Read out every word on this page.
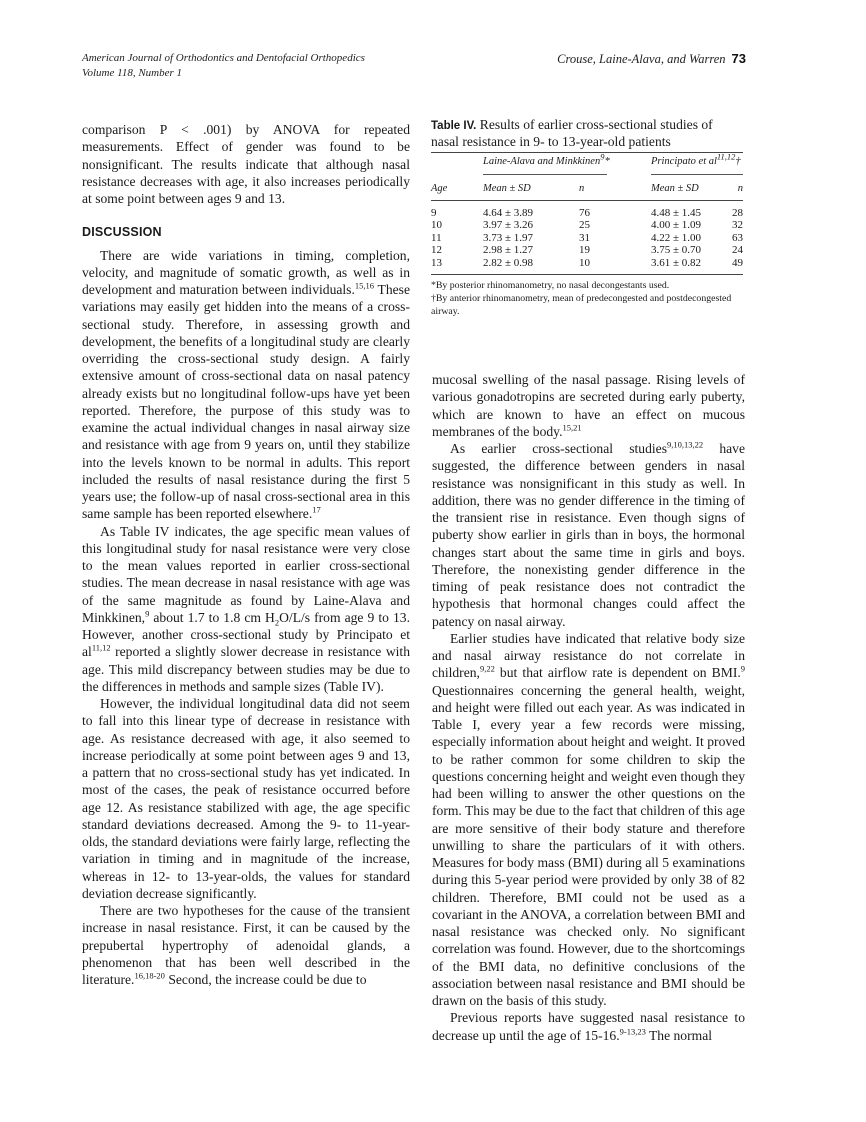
American Journal of Orthodontics and Dentofacial Orthopedics
Volume 118, Number 1
Crouse, Laine-Alava, and Warren 73

comparison P < .001) by ANOVA for repeated measurements. Effect of gender was found to be nonsignificant. The results indicate that although nasal resistance decreases with age, it also increases periodically at some point between ages 9 and 13.

DISCUSSION

There are wide variations in timing, completion, velocity, and magnitude of somatic growth, as well as in development and maturation between individuals.$^{15,16}$ These variations may easily get hidden into the means of a cross-sectional study. Therefore, in assessing growth and development, the benefits of a longitudinal study are clearly overriding the cross-sectional study design. A fairly extensive amount of cross-sectional data on nasal patency already exists but no longitudinal follow-ups have yet been reported. Therefore, the purpose of this study was to examine the actual individual changes in nasal airway size and resistance with age from 9 years on, until they stabilize into the levels known to be normal in adults. This report included the results of nasal resistance during the first 5 years use; the follow-up of nasal cross-sectional area in this same sample has been reported elsewhere.$^{17}$

As Table IV indicates, the age specific mean values of this longitudinal study for nasal resistance were very close to the mean values reported in earlier cross-sectional studies. The mean decrease in nasal resistance with age was of the same magnitude as found by Laine-Alava and Minkkinen,$^9$ about 1.7 to 1.8 cm $H_2O/L/s$ from age 9 to 13. However, another cross-sectional study by Principato et al$^{11,12}$ reported a slightly slower decrease in resistance with age. This mild discrepancy between studies may be due to the differences in methods and sample sizes (Table IV).

However, the individual longitudinal data did not seem to fall into this linear type of decrease in resistance with age. As resistance decreased with age, it also seemed to increase periodically at some point between ages 9 and 13, a pattern that no cross-sectional study has yet indicated. In most of the cases, the peak of resistance occurred before age 12. As resistance stabilized with age, the age specific standard deviations decreased. Among the 9- to 11-year-olds, the standard deviations were fairly large, reflecting the variation in timing and in magnitude of the increase, whereas in 12- to 13-year-olds, the values for standard deviation decrease significantly.

There are two hypotheses for the cause of the transient increase in nasal resistance. First, it can be caused by the prepubertal hypertrophy of adenoidal glands, a phenomenon that has been well described in the literature.$^{16,18-20}$ Second, the increase could be due to

Table IV. Results of earlier cross-sectional studies of nasal resistance in 9- to 13-year-old patients
	Laine-Alava and Minkkinen$^9$*			Principato et al$^{11,12}$†	

Age	Mean ± SD	n		Mean ± SD	n
9	4.64 ± 3.89	76		4.48 ± 1.45	28
10	3.97 ± 3.26	25		4.00 ± 1.09	32
11	3.73 ± 1.97	31		4.22 ± 1.00	63
12	2.98 ± 1.27	19		3.75 ± 0.70	24
13	2.82 ± 0.98	10		3.61 ± 0.82	49

*By posterior rhinomanometry, no nasal decongestants used.

†By anterior rhinomanometry, mean of predecongested and postdecongested airway.

mucosal swelling of the nasal passage. Rising levels of various gonadotropins are secreted during early puberty, which are known to have an effect on mucous membranes of the body.$^{15,21}$

As earlier cross-sectional studies$^{9,10,13,22}$ have suggested, the difference between genders in nasal resistance was nonsignificant in this study as well. In addition, there was no gender difference in the timing of the transient rise in resistance. Even though signs of puberty show earlier in girls than in boys, the hormonal changes start about the same time in girls and boys. Therefore, the nonexisting gender difference in the timing of peak resistance does not contradict the hypothesis that hormonal changes could affect the patency on nasal airway.

Earlier studies have indicated that relative body size and nasal airway resistance do not correlate in children,$^{9,22}$ but that airflow rate is dependent on BMI.$^9$ Questionnaires concerning the general health, weight, and height were filled out each year. As was indicated in Table I, every year a few records were missing, especially information about height and weight. It proved to be rather common for some children to skip the questions concerning height and weight even though they had been willing to answer the other questions on the form. This may be due to the fact that children of this age are more sensitive of their body stature and therefore unwilling to share the particulars of it with others. Measures for body mass (BMI) during all 5 examinations during this 5-year period were provided by only 38 of 82 children. Therefore, BMI could not be used as a covariant in the ANOVA, a correlation between BMI and nasal resistance was checked only. No significant correlation was found. However, due to the shortcomings of the BMI data, no definitive conclusions of the association between nasal resistance and BMI should be drawn on the basis of this study.

Previous reports have suggested nasal resistance to decrease up until the age of 15-16.$^{9-13,23}$ The normal
